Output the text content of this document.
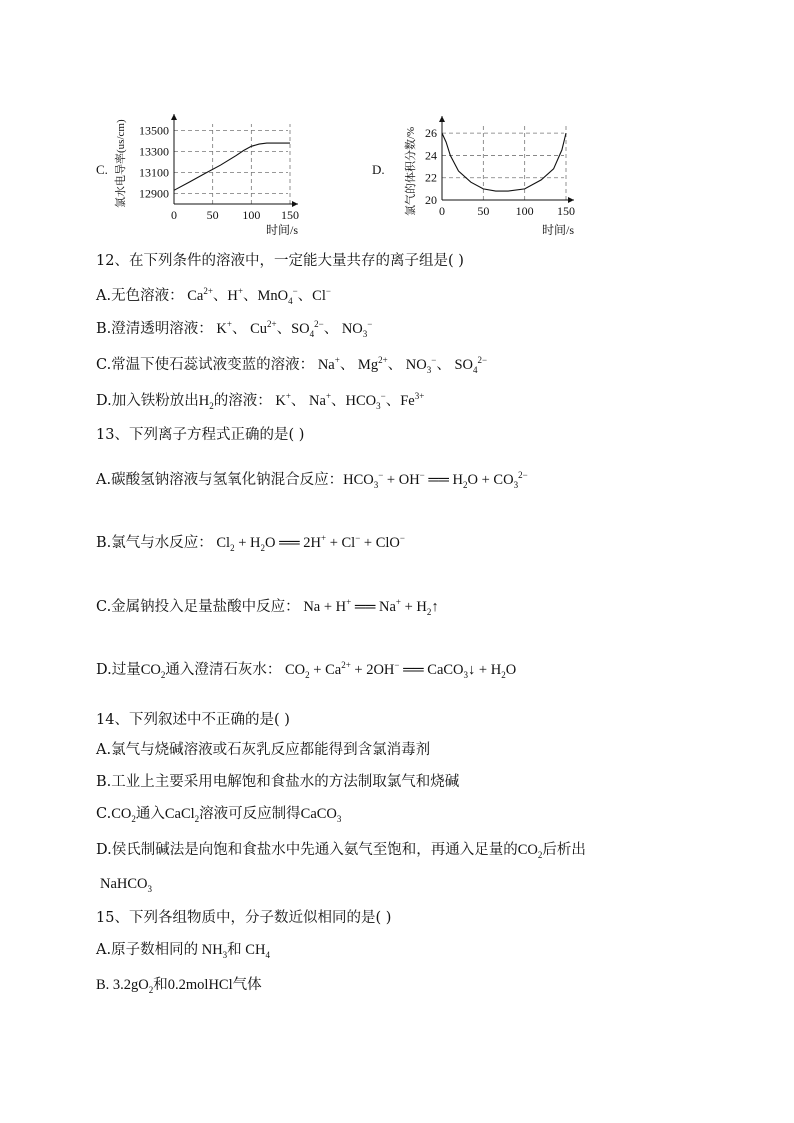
C. 氯水电导率(us/cm)
0 50 100 150
12900
13100
13300
13500
时间/s
D. 氯气的体积分数/% 0	50 100 150
20
22
24
26
时间/s
12、在下列条件的溶液中，一定能大量共存的离子组是( )
A.无色溶液： $Ca^{2+}$、H+、MnO$_4$−、Cl−
B.澄清透明溶液： K+、 $Cu^{2+}$、$SO_4^{2-}$、 $NO_3^-$
C.常温下使石蕊试液变蓝的溶液： Na+、 $Mg^{2+}$、 $NO_3^-$、 $SO_4^{2-}$
D.加入铁粉放出$H_2$的溶液： K+、 Na+、$HCO_3^-$、$Fe^{3+}$
13、下列离子方程式正确的是( )
A.碳酸氢钠溶液与氢氧化钠混合反应：$HCO_3^- + OH^-$ ══ $H_2O + CO_3^{2-}$
B.氯气与水反应： $Cl_2 + H_2O$ ══ 2H+ + Cl− + ClO−
C.金属钠投入足量盐酸中反应： Na + H+ ══ $Na^+ + H_2↑$
D.过量$CO_2$通入澄清石灰水： $CO_2 + Ca^{2+} + 2OH^-$ ══ CaCO$_3$↓ + $H_2O$
14、下列叙述中不正确的是( )
A.氯气与烧碱溶液或石灰乳反应都能得到含氯消毒剂
B.工业上主要采用电解饱和食盐水的方法制取氯气和烧碱
$C.CO_2$通入CaCl$_2$溶液可反应制得CaCO$_3$
D.侯氏制碱法是向饱和食盐水中先通入氨气至饱和，再通入足量的$CO_2$后析出
NaHCO$_3$
15、下列各组物质中，分子数近似相同的是( )
A.原子数相同的 $NH_3$和 $CH_4$
B. $3.2gO_2$和0.2molHCl气体
